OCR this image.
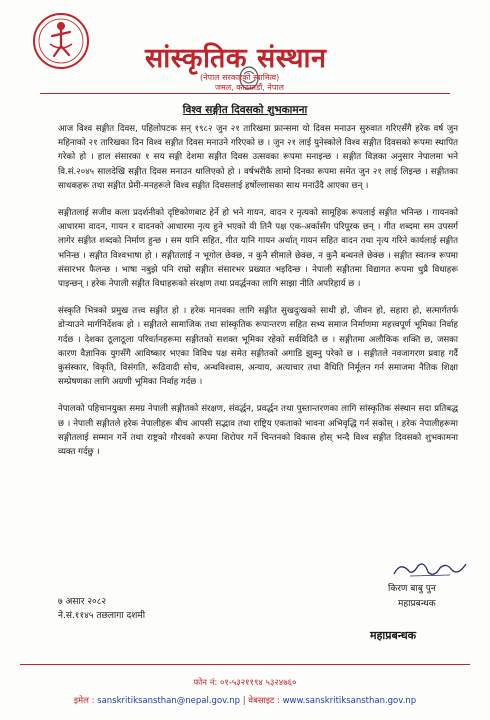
सांस्कृतिक संस्थान
(नेपाल सरकारको स्वामित्व)
जमल, काठमाडौं, नेपाल
विश्व सङ्गीत दिवसको शुभकामना

आज विश्व सङ्गीत दिवस, पहिलोपटक सन् १९८२ जुन २१ तारिखमा फ्रान्समा यो दिवस मनाउन सुरुवात गरिएसँगै हरेक वर्ष जुन महिनाको २१ तारिखका दिन विश्व सङ्गीत दिवस मनाउने गरिएको छ । जुन २१ लाई युनेस्कोले विश्व सङ्गीत दिवसको रूपमा स्थापित गरेको हो । हाल संसारका १ सय सङ्गी देशमा सङ्गीत दिवस उत्सवका रूपमा मनाइन्छ । सङ्गीत विज्ञका अनुसार नेपालमा भने वि.सं.२०४५ सालदेखि सङ्गीत दिवस मनाउन थालिएको हो । वर्षभरीकै लामो दिनका रूपमा समेत जुन २१ लाई लिइन्छ । सङ्गीतका साधकहरू तथा सङ्गीत प्रेमी-मनहरूले विश्व सङ्गीत दिवसलाई हर्षोल्लासका साथ मनाउँदै आएका छन् ।

सङ्गीतलाई सजीव कला प्रदर्शनीको दृष्टिकोणबाट हेर्ने हो भने गायन, वादन र नृत्यको सामूहिक रूपलाई सङ्गीत भनिन्छ । गायनको आधारमा वादन, गायन र वादनको आधारमा नृत्य हुने भएको यी तिनै पक्ष एक-अर्कासँग परिपूरक छन् । गीत शब्दमा सम उपसर्ग लागेर सङ्गीत शब्दको निर्माण हुन्छ । सम यानि सहित, गीत यानि गायन अर्थात् गायन सहित वादन तथा नृत्य गरिने कार्यलाई सङ्गीत भनिन्छ । सङ्गीत विश्वभाषा हो । सङ्गीतलाई न भूगोल छेक्छ, न कुनै सीमाले छेक्छ, न कुनै बन्धनले छेक्छ । सङ्गीत स्वतन्त्र रूपमा संसारभर फैलन्छ । भाषा नबुझे पनि राम्रो सङ्गीत संसारभर प्रख्यात भइदिन्छ । नेपाली सङ्गीतमा विद्यागत रूपमा धुप्रै विधाहरू पाइन्छन् । हरेक नेपाली सङ्गीत विधाहरूको संरक्षण तथा प्रवर्द्धनका लागि साझा नीति अपरिहार्य छ ।

संस्कृति भित्रको प्रमुख तत्त्व सङ्गीत हो । हरेक मानवका लागि सङ्गीत सुखदुःखको साथी हो, जीवन हो, सहारा हो, सत्मार्गतर्फ डोऱ्याउने मार्गनिर्देशक हो । सङ्गीतले सामाजिक तथा सांस्कृतिक रूपान्तरण सहित सभ्य समाज निर्माणमा महत्त्वपूर्ण भूमिका निर्वाह गर्दछ । देशका ठूलाठूला परिवर्तनहरूमा सङ्गीतको सशक्त भूमिका रहेको सर्वविदितै छ । सङ्गीतमा अलौकिक शक्ति छ, जसका कारण वैज्ञानिक युगसँगै आविष्कार भएका विविध पक्ष समेत सङ्गीतको अगाडि झुक्नु परेको छ । सङ्गीतले नवजागरण प्रवाह गर्दै कुसंस्कार, विकृति, विसंगति, रूढिवादी सोच, अन्धविश्वास, अन्याय, अत्याचार तथा वैधिति निर्मूलन गर्न समाजमा नैतिक शिक्षा सम्प्रेषणका लागि अग्रणी भूमिका निर्वाह गर्दछ ।

नेपालको पहिचानयुक्त समग्र नेपाली सङ्गीतको संरक्षण, संवर्द्धन, प्रवर्द्धन तथा पुस्तान्तरणका लागि सांस्कृतिक संस्थान सदा प्रतिबद्ध छ । नेपाली सङ्गीतले हरेक नेपालीहरू बीच आपसी सद्भाव तथा राष्ट्रिय एकताको भावना अभिवृद्धि गर्न सकोस् । हरेक नेपालीहरूमा सङ्गीतलाई सम्मान गर्ने तथा राष्ट्रको गौरवको रूपमा शिरोपर गर्ने चिन्तनको विकास होस् भन्दै विश्व सङ्गीत दिवसको शुभकामना व्यक्त गर्दछु ।

किरण बाबु पुन
महाप्रबन्धक
७ असार २०८२
ने.सं.११४५ तछलागा दशमी
महाप्रबन्धक
फोन नं: ०१-५३२११९४ ५३२४७६०
इमेल : sanskritiksansthan@nepal.gov.np | वेबसाइट : www.sanskritiksansthan.gov.np
